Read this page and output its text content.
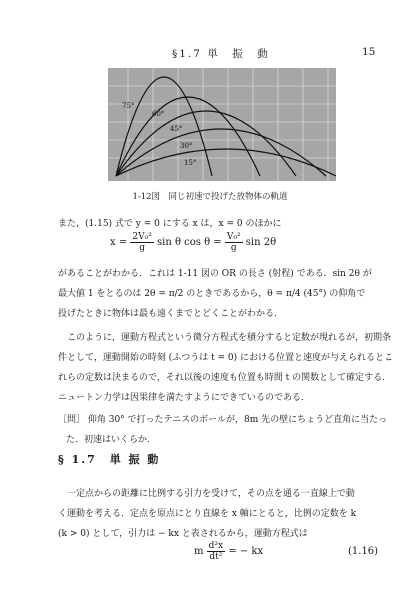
§1.7 単　振　動	15
75°
60°
45°
30°
15°
1-12図　同じ初速で投げた放物体の軌道
また，(1.15) 式で y = 0 にする x は，x = 0 のほかに
$x = \frac{\text{2V₀²}}{g}$ sin θ $\cos \theta = \frac{\text{V₀²}}{g}$ sin 2θ
があることがわかる．これは 1-11 図の OR の長さ (射程) である．sin 2θ が
最大値 1 をとるのは 2θ = π/2 のときであるから，θ = π/4 (45°) の仰角で
投げたときに物体は最も遠くまでとどくことがわかる．
　このように，運動方程式という微分方程式を積分すると定数が現れるが，初期条
件として，運動開始の時刻 (ふつうは t = 0) における位置と速度が与えられるとこ
れらの定数は決まるので，それ以後の速度も位置も時間 t の関数として確定する．
ニュートン力学は因果律を満たすようにできているのである．
［問］ 仰角 30° で打ったテニスのボールが，8m 先の壁にちょうど直角に当たっ
た．初速はいくらか．
§ 1.7　単 振 動
　一定点からの距離に比例する引力を受けて，その点を通る一直線上で動
く運動を考える．定点を原点にとり直線を x 軸にとると，比例の定数を k
(k > 0) として，引力は − kx と表されるから，運動方程式は
m $\frac{\text{d²x}}{\text{dt²}}$ = − kx	(1.16)
